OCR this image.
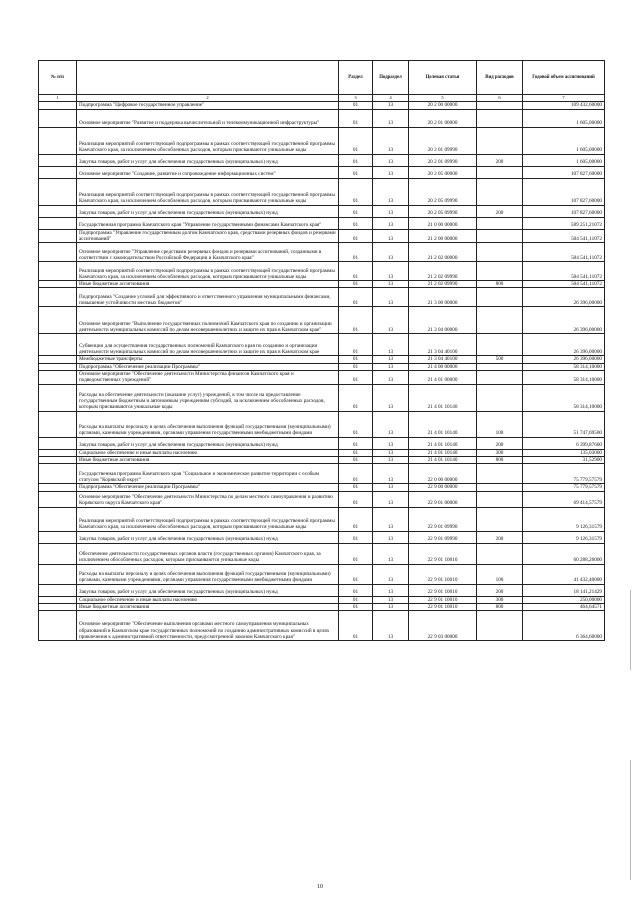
№ п/п		Раздел	Подраздел	Целевая статья	Вид расходов	Годовой объем ассигнований
1	2	3	4	5	6	7
	Подпрограмма "Цифровое государственное управление"	01	13	20 2 00 00000		109 432,60000
	Основное мероприятие "Развитие и поддержка вычислительной и телекоммуникационной инфраструктуры"	01	13	20 2 01 00000		1 605,00000
	Реализация мероприятий соответствующей подпрограммы в рамках соответствующей государственной программы Камчатского края, за исключением обособленных расходов, которым присваиваются уникальные коды	01	13	20 2 01 09990		1 605,00000
	Закупка товаров, работ и услуг для обеспечения государственных (муниципальных) нужд	01	13	20 2 01 09990	200	1 605,00000
	Основное мероприятие "Создание, развитие и сопровождение информационных систем"	01	13	20 2 05 00000		107 827,60000
	Реализация мероприятий соответствующей подпрограммы в рамках соответствующей государственной программы Камчатского края, за исключением обособленных расходов, которым присваиваются уникальные коды	01	13	20 2 05 09990		107 827,60000
	Закупка товаров, работ и услуг для обеспечения государственных (муниципальных) нужд	01	13	20 2 05 09990	200	107 827,60000
	Государственная программа Камчатского края "Управление государственными финансами Камчатского края"	01	13	21 0 00 00000		589 251,21072
	Подпрограмма "Управление государственным долгом Камчатского края, средствами резервных фондов и резервами ассигнований"	01	13	21 2 00 00000		504 541,11072
	Основное мероприятие "Управление средствами резервных фондов и резервами ассигнований, созданными в соответствии с законодательством Российской Федерации и Камчатского края"	01	13	21 2 02 00000		504 541,11072
	Реализация мероприятий соответствующей подпрограммы в рамках соответствующей государственной программы Камчатского края, за исключением обособленных расходов, которым присваиваются уникальные коды	01	13	21 2 02 09990		504 541,11072
	Иные бюджетные ассигнования	01	13	21 2 02 09990	800	504 541,11072
	Подпрограмма "Создание условий для эффективного и ответственного управления муниципальными финансами, повышение устойчивости местных бюджетов"	01	13	21 3 00 00000		26 396,00000
	Основное мероприятие "Выполнение государственных полномочий Камчатского края по созданию и организации деятельности муниципальных комиссий по делам несовершеннолетних и защите их прав в Камчатском крае"	01	13	21 3 04 00000		26 396,00000
	Субвенции для осуществления государственных полномочий Камчатского края по созданию и организации деятельности муниципальных комиссий по делам несовершеннолетних и защите их прав в Камчатском крае	01	13	21 3 04 40100		26 396,00000
	Межбюджетные трансферты	01	13	21 3 04 40100	500	26 396,00000
	Подпрограмма "Обеспечение реализации Программы"	01	13	21 4 00 00000		58 314,10000
	Основное мероприятие "Обеспечение деятельности Министерства финансов Камчатского края и подведомственных учреждений"	01	13	21 4 01 00000		58 314,10000
	Расходы на обеспечение деятельности (оказание услуг) учреждений, в том числе на предоставление государственным бюджетным и автономным учреждениям субсидий, за исключением обособленных расходов, которым присваиваются уникальные коды	01	13	21 4 01 10140		58 314,10000
	Расходы на выплаты персоналу в целях обеспечения выполнения функций государственными (муниципальными) органами, казенными учреждениями, органами управления государственными внебюджетными фондами	01	13	21 4 01 10140	100	51 747,69500
	Закупка товаров, работ и услуг для обеспечения государственных (муниципальных) нужд	01	13	21 4 01 10140	200	6 399,87600
	Социальное обеспечение и иные выплаты населению	01	13	21 4 01 10140	300	135,03000
	Иные бюджетные ассигнования	01	13	21 4 01 10140	800	31,52900
	Государственная программа Камчатского края "Социальное и экономическое развитие территории с особым статусом "Корякский округ"	01	13	22 0 00 00000		75 779,57579
	Подпрограмма "Обеспечение реализации Программы"	01	13	22 9 00 00000		75 779,57579
	Основное мероприятие "Обеспечение деятельности Министерства по делам местного самоуправления и развитию Корякского округа Камчатского края"	01	13	22 9 01 00000		69 414,57579
	Реализация мероприятий соответствующей подпрограммы в рамках соответствующей государственной программы Камчатского края, за исключением обособленных расходов, которым присваиваются уникальные коды	01	13	22 9 01 09990		9 126,31579
	Закупка товаров, работ и услуг для обеспечения государственных (муниципальных) нужд	01	13	22 9 01 09990	200	9 126,31579
	Обеспечение деятельности государственных органов власти (государственных органов) Камчатского края, за исключением обособленных расходов, которым присваиваются уникальные коды	01	13	22 9 01 10010		60 288,26000
	Расходы на выплаты персоналу в целях обеспечения выполнения функций государственными (муниципальными) органами, казенными учреждениями, органами управления государственными внебюджетными фондами	01	13	22 9 01 10010	100	41 432,40000
	Закупка товаров, работ и услуг для обеспечения государственных (муниципальных) нужд	01	13	22 9 01 10010	200	18 141,21429
	Социальное обеспечение и иные выплаты населению	01	13	22 9 01 10010	300	250,00000
	Иные бюджетные ассигнования	01	13	22 9 01 10010	800	464,64571
	Основное мероприятие "Обеспечение выполнения органами местного самоуправления муниципальных образований в Камчатском крае государственных полномочий по созданию административных комиссий в целях привлечения к административной ответственности, предусмотренной законом Камчатского края"	01	13	22 9 03 00000		6 364,60000
10
